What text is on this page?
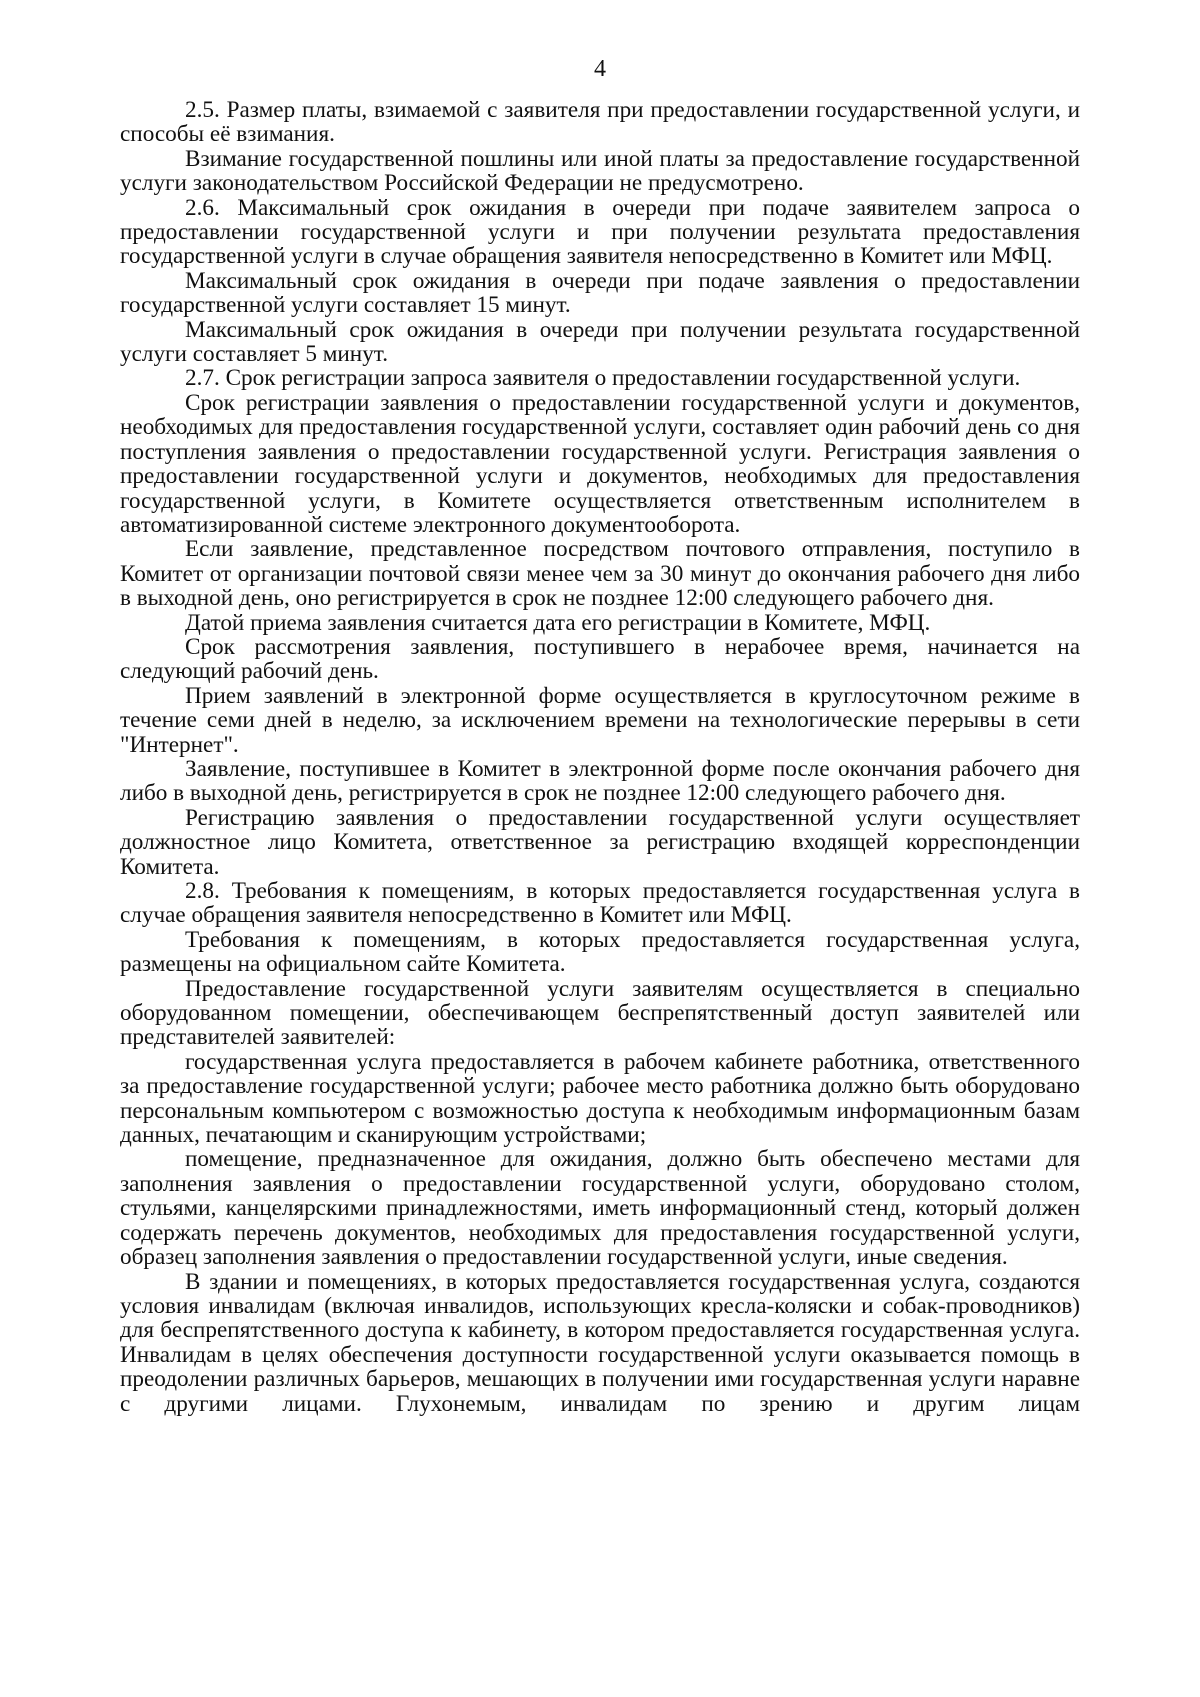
4

2.5. Размер платы, взимаемой с заявителя при предоставлении государственной услуги, и способы её взимания.

Взимание государственной пошлины или иной платы за предоставление государственной услуги законодательством Российской Федерации не предусмотрено.

2.6. Максимальный срок ожидания в очереди при подаче заявителем запроса о предоставлении государственной услуги и при получении результата предоставления государственной услуги в случае обращения заявителя непосредственно в Комитет или МФЦ.

Максимальный срок ожидания в очереди при подаче заявления о предоставлении государственной услуги составляет 15 минут.

Максимальный срок ожидания в очереди при получении результата государственной услуги составляет 5 минут.

2.7. Срок регистрации запроса заявителя о предоставлении государственной услуги.

Срок регистрации заявления о предоставлении государственной услуги и документов, необходимых для предоставления государственной услуги, составляет один рабочий день со дня поступления заявления о предоставлении государственной услуги. Регистрация заявления о предоставлении государственной услуги и документов, необходимых для предоставления государственной услуги, в Комитете осуществляется ответственным исполнителем в автоматизированной системе электронного документооборота.

Если заявление, представленное посредством почтового отправления, поступило в Комитет от организации почтовой связи менее чем за 30 минут до окончания рабочего дня либо в выходной день, оно регистрируется в срок не позднее 12:00 следующего рабочего дня.

Датой приема заявления считается дата его регистрации в Комитете, МФЦ.

Срок рассмотрения заявления, поступившего в нерабочее время, начинается на следующий рабочий день.

Прием заявлений в электронной форме осуществляется в круглосуточном режиме в течение семи дней в неделю, за исключением времени на технологические перерывы в сети "Интернет".

Заявление, поступившее в Комитет в электронной форме после окончания рабочего дня либо в выходной день, регистрируется в срок не позднее 12:00 следующего рабочего дня.

Регистрацию заявления о предоставлении государственной услуги осуществляет должностное лицо Комитета, ответственное за регистрацию входящей корреспонденции Комитета.

2.8. Требования к помещениям, в которых предоставляется государственная услуга в случае обращения заявителя непосредственно в Комитет или МФЦ.

Требования к помещениям, в которых предоставляется государственная услуга, размещены на официальном сайте Комитета.

Предоставление государственной услуги заявителям осуществляется в специально оборудованном помещении, обеспечивающем беспрепятственный доступ заявителей или представителей заявителей:

государственная услуга предоставляется в рабочем кабинете работника, ответственного за предоставление государственной услуги; рабочее место работника должно быть оборудовано персональным компьютером с возможностью доступа к необходимым информационным базам данных, печатающим и сканирующим устройствами;

помещение, предназначенное для ожидания, должно быть обеспечено местами для заполнения заявления о предоставлении государственной услуги, оборудовано столом, стульями, канцелярскими принадлежностями, иметь информационный стенд, который должен содержать перечень документов, необходимых для предоставления государственной услуги, образец заполнения заявления о предоставлении государственной услуги, иные сведения.

В здании и помещениях, в которых предоставляется государственная услуга, создаются условия инвалидам (включая инвалидов, использующих кресла-коляски и собак-проводников) для беспрепятственного доступа к кабинету, в котором предоставляется государственная услуга. Инвалидам в целях обеспечения доступности государственной услуги оказывается помощь в преодолении различных барьеров, мешающих в получении ими государственная услуги наравне с другими лицами. Глухонемым, инвалидам по зрению и другим лицам
